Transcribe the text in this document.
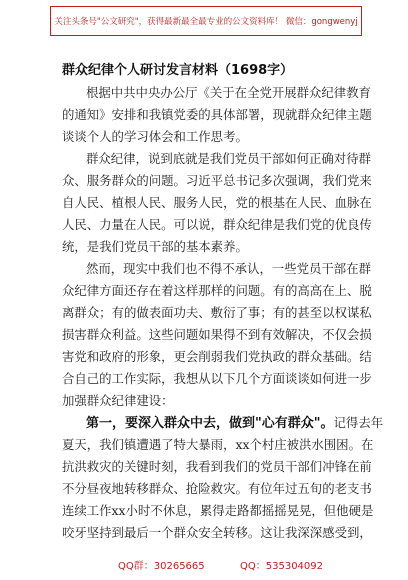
关注头条号"公文研究"，获得最新最全最专业的公文资料库！ 微信：gongwenyj
群众纪律个人研讨发言材料（1698字）
根据中共中央办公厅《关于在全党开展群众纪律教育
的通知》安排和我镇党委的具体部署，现就群众纪律主题
谈谈个人的学习体会和工作思考。
群众纪律，说到底就是我们党员干部如何正确对待群
众、服务群众的问题。习近平总书记多次强调，我们党来
自人民、植根人民、服务人民，党的根基在人民、血脉在
人民、力量在人民。可以说，群众纪律是我们党的优良传
统，是我们党员干部的基本素养。
然而，现实中我们也不得不承认，一些党员干部在群
众纪律方面还存在着这样那样的问题。有的高高在上、脱
离群众；有的做表面功夫、敷衍了事；有的甚至以权谋私
损害群众利益。这些问题如果得不到有效解决，不仅会损
害党和政府的形象，更会削弱我们党执政的群众基础。结
合自己的工作实际，我想从以下几个方面谈谈如何进一步
加强群众纪律建设：
第一，要深入群众中去，做到"心有群众"。记得去年
夏天，我们镇遭遇了特大暴雨，xx个村庄被洪水围困。在
抗洪救灾的关键时刻，我看到我们的党员干部们冲锋在前
不分昼夜地转移群众、抢险救灾。有位年过五旬的老支书
连续工作xx小时不休息，累得走路都摇摇晃晃，但他硬是
咬牙坚持到最后一个群众安全转移。这让我深深感受到，
QQ群：30265665	QQ：535304092
